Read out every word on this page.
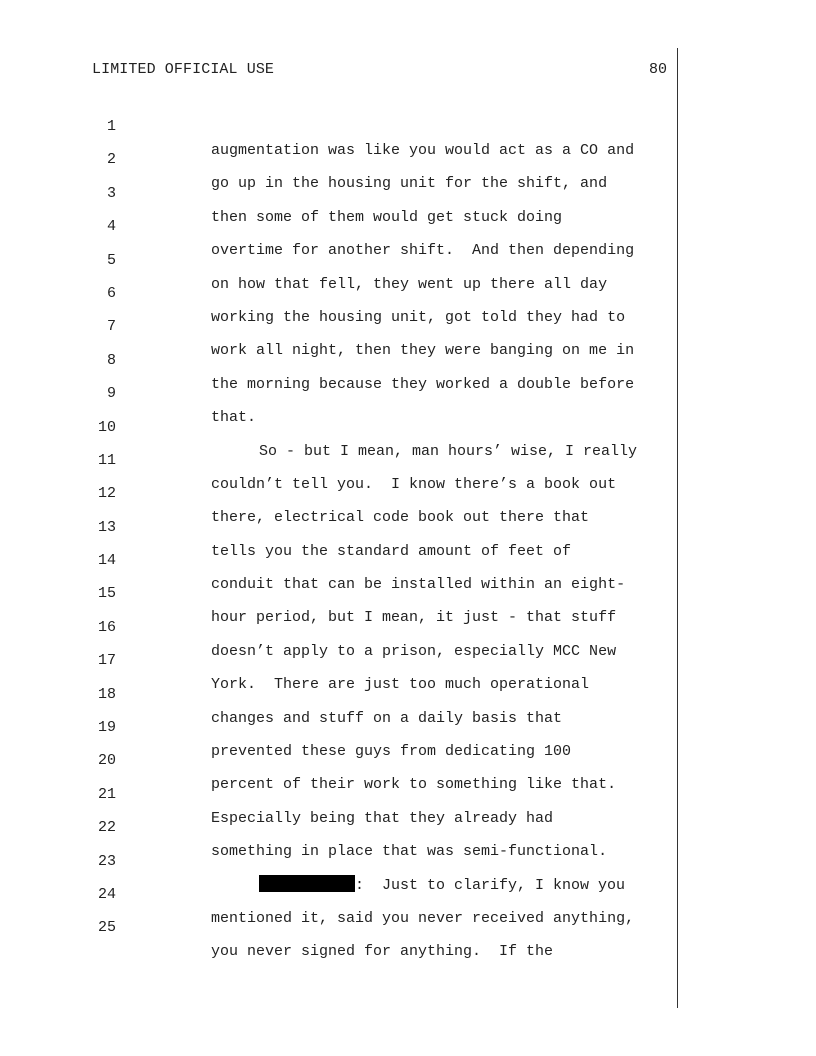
LIMITED OFFICIAL USE	80

1

augmentation was like you would act as a CO and

2

go up in the housing unit for the shift, and

3

then some of them would get stuck doing

4

overtime for another shift.  And then depending

5

on how that fell, they went up there all day

6

working the housing unit, got told they had to

7

work all night, then they were banging on me in

8

the morning because they worked a double before

9

that.

10

So - but I mean, man hours’ wise, I really

11

couldn’t tell you.  I know there’s a book out

12

there, electrical code book out there that

13

tells you the standard amount of feet of

14

conduit that can be installed within an eight-

15

hour period, but I mean, it just - that stuff

16

doesn’t apply to a prison, especially MCC New

17

York.  There are just too much operational

18

changes and stuff on a daily basis that

19

prevented these guys from dedicating 100

20

percent of their work to something like that.

21

Especially being that they already had

22

something in place that was semi-functional.

23

:  Just to clarify, I know you

24

mentioned it, said you never received anything,

25

you never signed for anything.  If the
